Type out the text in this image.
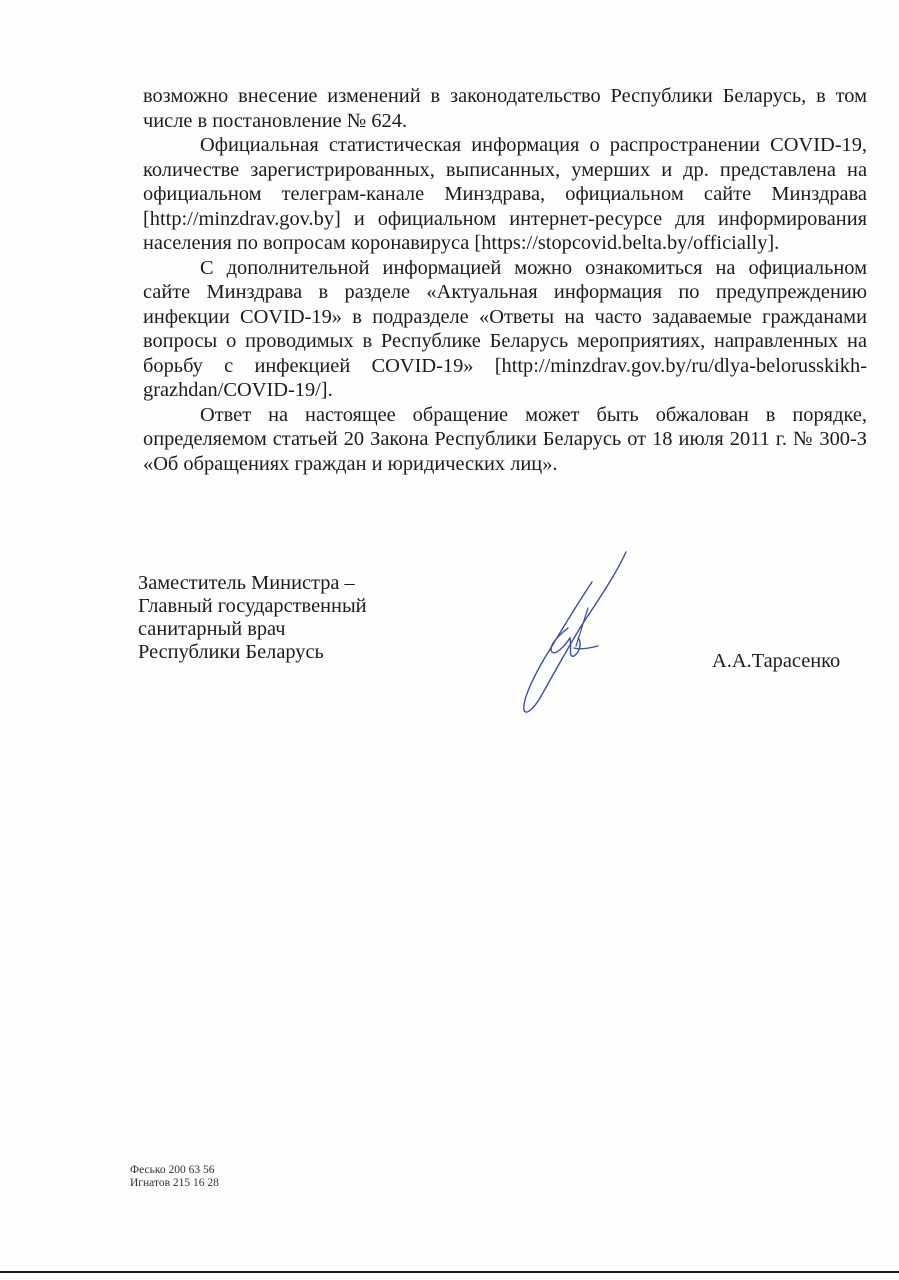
возможно внесение изменений в законодательство Республики Беларусь, в том числе в постановление № 624.

Официальная статистическая информация о распространении COVID-19, количестве зарегистрированных, выписанных, умерших и др. представлена на официальном телеграм-канале Минздрава, официальном сайте Минздрава [http://minzdrav.gov.by] и официальном интернет-ресурсе для информирования населения по вопросам коронавируса [https://stopcovid.belta.by/officially].

С дополнительной информацией можно ознакомиться на официальном сайте Минздрава в разделе «Актуальная информация по предупреждению инфекции COVID-19» в подразделе «Ответы на часто задаваемые гражданами вопросы о проводимых в Республике Беларусь мероприятиях, направленных на борьбу с инфекцией COVID-19» [http://minzdrav.gov.by/ru/dlya-belorusskikh-grazhdan/COVID-19/].

Ответ на настоящее обращение может быть обжалован в порядке, определяемом статьей 20 Закона Республики Беларусь от 18 июля 2011 г. № 300-З «Об обращениях граждан и юридических лиц».

Заместитель Министра –
Главный государственный
санитарный врач
Республики Беларусь	А.А.Тарасенко
Фесько 200 63 56
Игнатов 215 16 28
